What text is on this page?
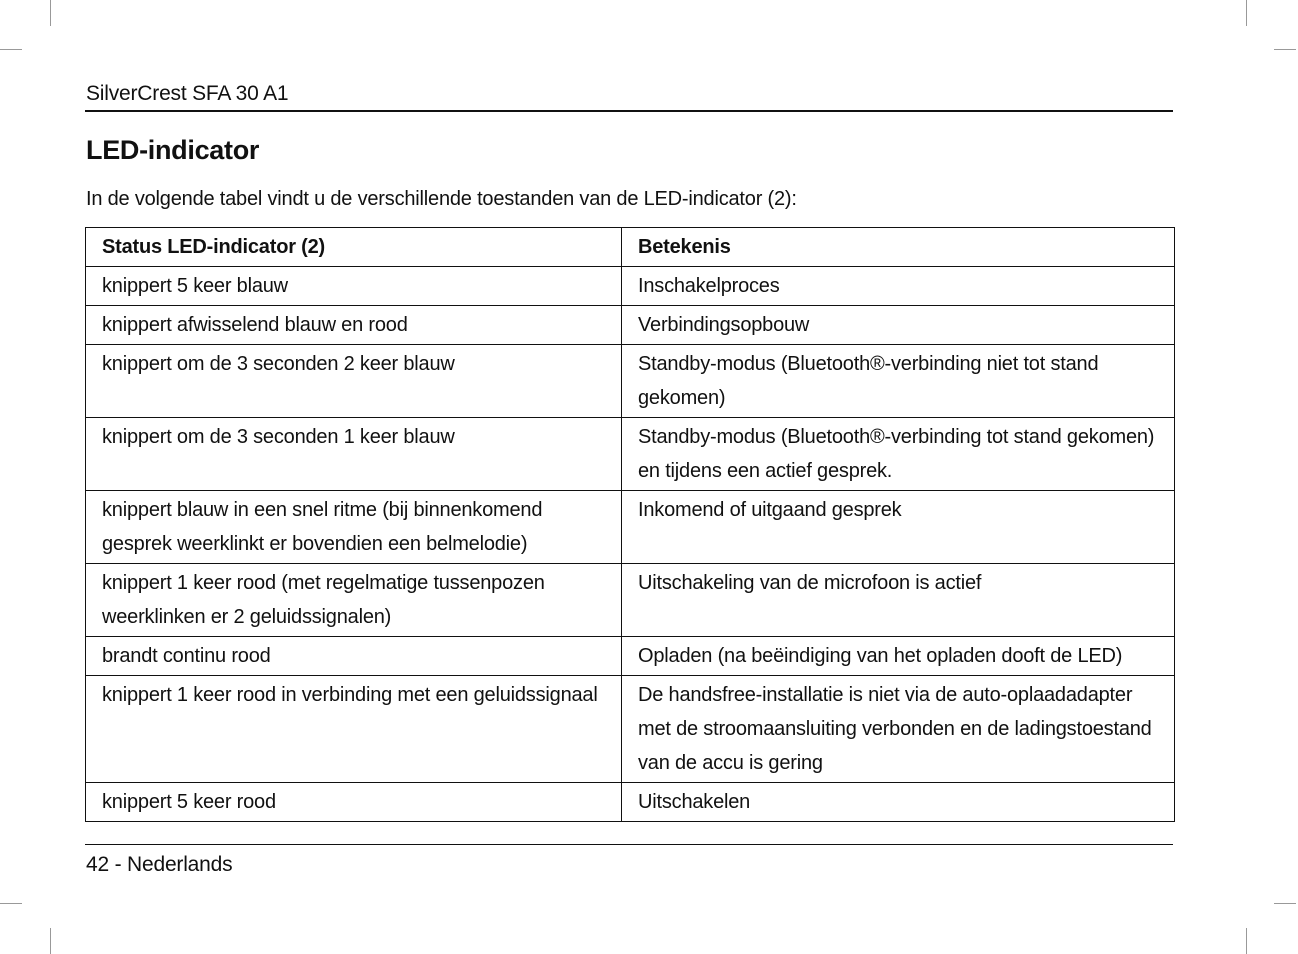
SilverCrest SFA 30 A1
LED-indicator

In de volgende tabel vindt u de verschillende toestanden van de LED-indicator (2):

Status LED-indicator (2)	Betekenis
knippert 5 keer blauw	Inschakelproces
knippert afwisselend blauw en rood	Verbindingsopbouw
knippert om de 3 seconden 2 keer blauw	Standby-modus (Bluetooth®-verbinding niet tot stand gekomen)
knippert om de 3 seconden 1 keer blauw	Standby-modus (Bluetooth®-verbinding tot stand gekomen) en tijdens een actief gesprek.
knippert blauw in een snel ritme (bij binnenkomend gesprek weerklinkt er bovendien een belmelodie)	Inkomend of uitgaand gesprek
knippert 1 keer rood (met regelmatige tussenpozen weerklinken er 2 geluidssignalen)	Uitschakeling van de microfoon is actief
brandt continu rood	Opladen (na beëindiging van het opladen dooft de LED)
knippert 1 keer rood in verbinding met een geluidssignaal	De handsfree-installatie is niet via de auto-oplaadadapter met de stroomaansluiting verbonden en de ladingstoestand van de accu is gering
knippert 5 keer rood	Uitschakelen
42 - Nederlands
